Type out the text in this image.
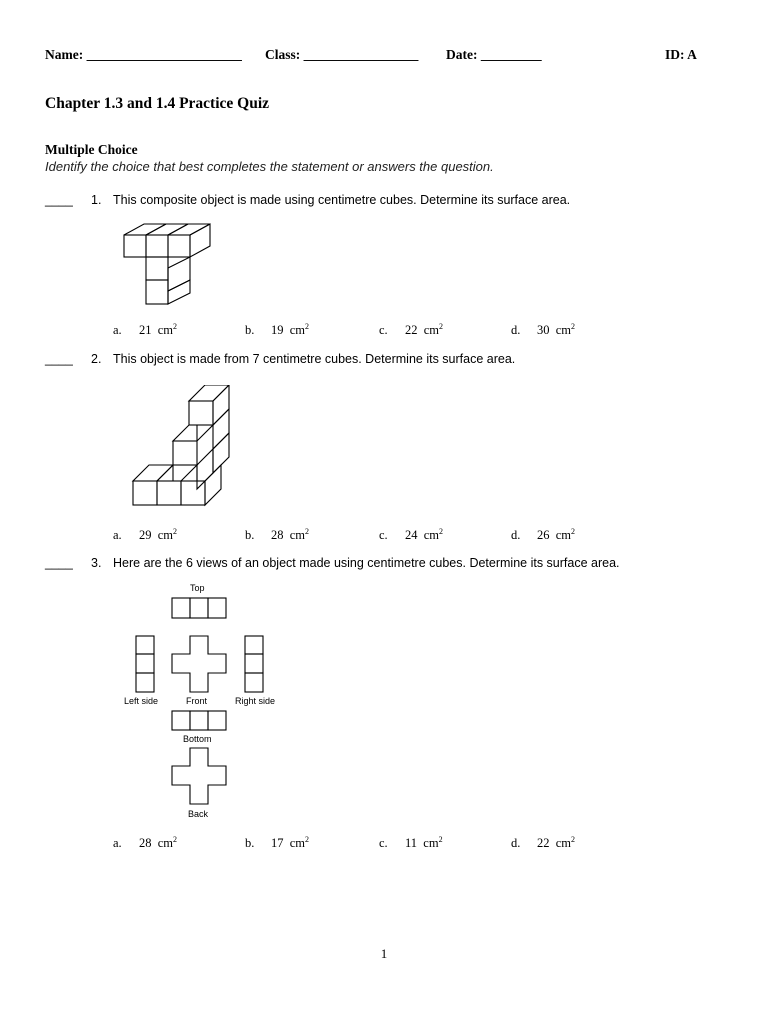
Name: _______________________ Class: _________________ Date: _________	ID: A
Chapter 1.3 and 1.4 Practice Quiz
Multiple Choice
Identify the choice that best completes the statement or answers the question.
____ 1. This composite object is made using centimetre cubes. Determine its surface area.
a. 21 $cm^2$	b. 19 $cm^2$	c. 22 $cm^2$	d. 30 $cm^2$
____ 2. This object is made from 7 centimetre cubes. Determine its surface area.
a. 29 $cm^2$	b. 28 $cm^2$	c. 24 $cm^2$	d. 26 $cm^2$
____ 3. Here are the 6 views of an object made using centimetre cubes. Determine its surface area.
Top
Left side	Front	Right side
Bottom
Back
a. 28 $cm^2$	b. 17 $cm^2$	c. 11 $cm^2$	d. 22 $cm^2$
1
